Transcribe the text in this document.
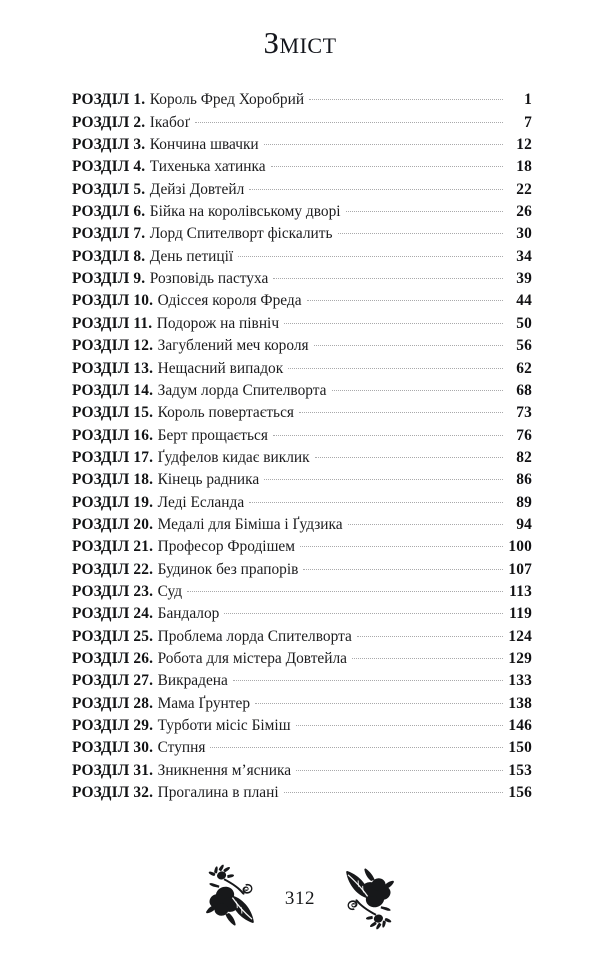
Зміст
РОЗДІЛ 1. Король Фред Хоробрий	1
РОЗДІЛ 2. Ікабоґ	7
РОЗДІЛ 3. Кончина швачки	12
РОЗДІЛ 4. Тихенька хатинка	18
РОЗДІЛ 5. Дейзі Довтейл	22
РОЗДІЛ 6. Бійка на королівському дворі	26
РОЗДІЛ 7. Лорд Спителворт фіскалить	30
РОЗДІЛ 8. День петиції	34
РОЗДІЛ 9. Розповідь пастуха	39
РОЗДІЛ 10. Одіссея короля Фреда	44
РОЗДІЛ 11. Подорож на північ	50
РОЗДІЛ 12. Загублений меч короля	56
РОЗДІЛ 13. Нещасний випадок	62
РОЗДІЛ 14. Задум лорда Спителворта	68
РОЗДІЛ 15. Король повертається	73
РОЗДІЛ 16. Берт прощається	76
РОЗДІЛ 17. Ґудфелов кидає виклик	82
РОЗДІЛ 18. Кінець радника	86
РОЗДІЛ 19. Леді Есланда	89
РОЗДІЛ 20. Медалі для Біміша і Ґудзика	94
РОЗДІЛ 21. Професор Фродішем	100
РОЗДІЛ 22. Будинок без прапорів	107
РОЗДІЛ 23. Суд	113
РОЗДІЛ 24. Бандалор	119
РОЗДІЛ 25. Проблема лорда Спителворта	124
РОЗДІЛ 26. Робота для містера Довтейла	129
РОЗДІЛ 27. Викрадена	133
РОЗДІЛ 28. Мама Ґрунтер	138
РОЗДІЛ 29. Турботи місіс Біміш	146
РОЗДІЛ 30. Ступня	150
РОЗДІЛ 31. Зникнення м’ясника	153
РОЗДІЛ 32. Прогалина в плані	156
312
